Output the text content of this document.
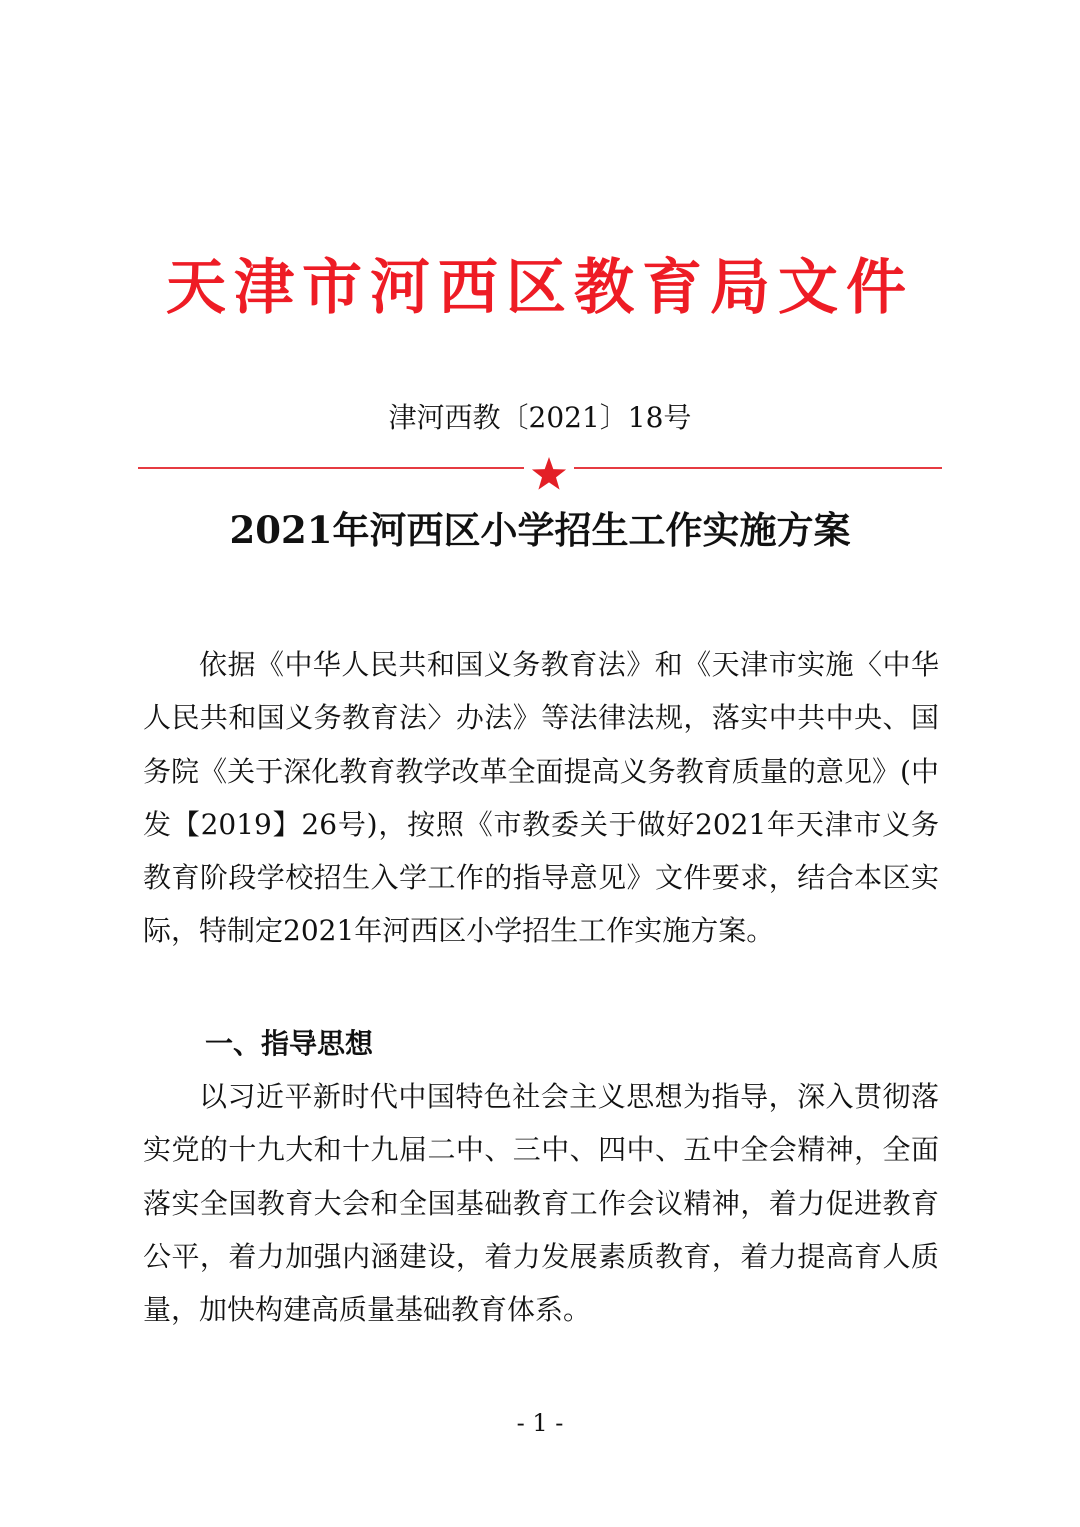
天津市河西区教育局文件

津河西教〔2021〕18号

2021年河西区小学招生工作实施方案

依据《中华人民共和国义务教育法》和《天津市实施〈中华人民共和国义务教育法〉办法》等法律法规，落实中共中央、国务院《关于深化教育教学改革全面提高义务教育质量的意见》(中发【2019】26号)，按照《市教委关于做好2021年天津市义务教育阶段学校招生入学工作的指导意见》文件要求，结合本区实际，特制定2021年河西区小学招生工作实施方案。

一、指导思想

以习近平新时代中国特色社会主义思想为指导，深入贯彻落实党的十九大和十九届二中、三中、四中、五中全会精神，全面落实全国教育大会和全国基础教育工作会议精神，着力促进教育公平，着力加强内涵建设，着力发展素质教育，着力提高育人质量，加快构建高质量基础教育体系。

- 1 -
